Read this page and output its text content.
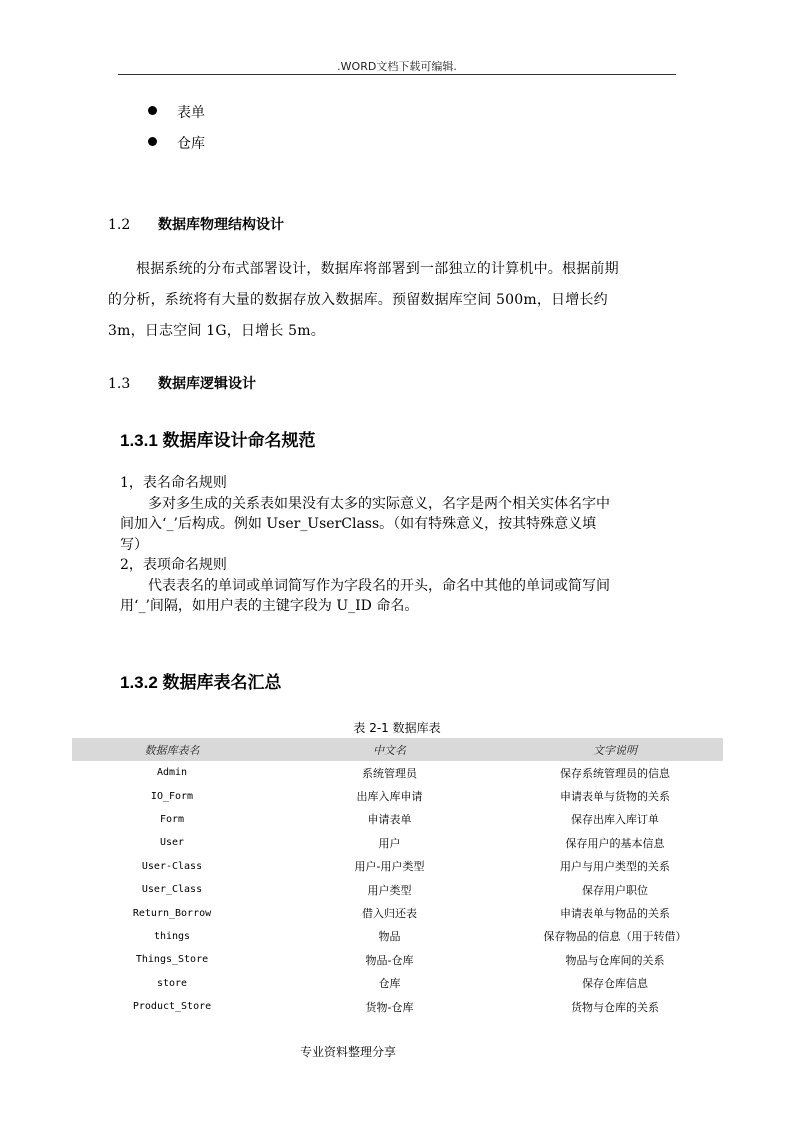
.WORD文档下载可编辑.
表单
仓库
1.2 数据库物理结构设计
根据系统的分布式部署设计，数据库将部署到一部独立的计算机中。根据前期
的分析，系统将有大量的数据存放入数据库。预留数据库空间 500m，日增长约
3m，日志空间 1G，日增长 5m。
1.3 数据库逻辑设计
1.3.1 数据库设计命名规范
1，表名命名规则
多对多生成的关系表如果没有太多的实际意义，名字是两个相关实体名字中
间加入‘_’后构成。例如 User_UserClass。（如有特殊意义，按其特殊意义填
写）
2，表项命名规则
代表表名的单词或单词简写作为字段名的开头，命名中其他的单词或简写间
用‘_’间隔，如用户表的主键字段为 U_ID 命名。
1.3.2 数据库表名汇总
表 2-1 数据库表
数据库表名	中文名	文字说明
Admin	系统管理员	保存系统管理员的信息
IO_Form	出库入库申请	申请表单与货物的关系
Form	申请表单	保存出库入库订单
User	用户	保存用户的基本信息
User-Class	用户-用户类型	用户与用户类型的关系
User_Class	用户类型	保存用户职位
Return_Borrow	借入归还表	申请表单与物品的关系
things	物品	保存物品的信息（用于转借）
Things_Store	物品-仓库	物品与仓库间的关系
store	仓库	保存仓库信息
Product_Store	货物-仓库	货物与仓库的关系
专业资料整理分享
